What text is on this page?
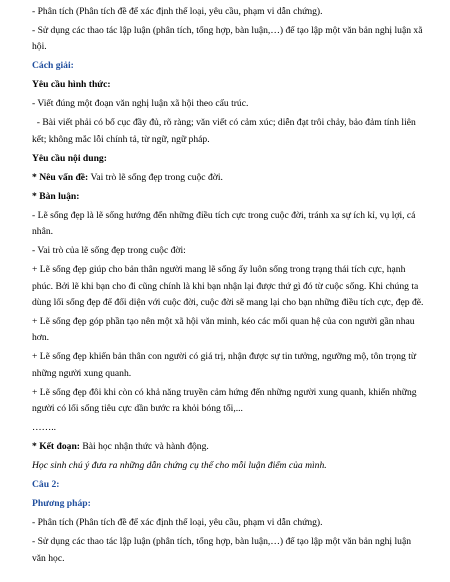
- Phân tích (Phân tích đề để xác định thể loại, yêu cầu, phạm vi dẫn chứng).

- Sử dụng các thao tác lập luận (phân tích, tổng hợp, bàn luận,…) để tạo lập một văn bản nghị luận xã hội.

Cách giải:

Yêu cầu hình thức:

- Viết đúng một đoạn văn nghị luận xã hội theo cấu trúc.

- Bài viết phải có bố cục đầy đủ, rõ ràng; văn viết có cảm xúc; diễn đạt trôi chảy, bảo đảm tính liên kết; không mắc lỗi chính tả, từ ngữ, ngữ pháp.

Yêu cầu nội dung:

* Nêu vấn đề: Vai trò lẽ sống đẹp trong cuộc đời.

* Bàn luận:

- Lẽ sống đẹp là lẽ sống hướng đến những điều tích cực trong cuộc đời, tránh xa sự ích kỉ, vụ lợi, cá nhân.

- Vai trò của lẽ sống đẹp trong cuộc đời:

+ Lẽ sống đẹp giúp cho bản thân người mang lẽ sống ấy luôn sống trong trạng thái tích cực, hạnh phúc. Bởi lẽ khi bạn cho đi cũng chính là khi bạn nhận lại được thứ gì đó từ cuộc sống. Khi chúng ta dùng lối sống đẹp để đối diện với cuộc đời, cuộc đời sẽ mang lại cho bạn những điều tích cực, đẹp đẽ.

+ Lẽ sống đẹp góp phần tạo nên một xã hội văn minh, kéo các mối quan hệ của con người gần nhau hơn.

+ Lẽ sống đẹp khiến bản thân con người có giá trị, nhận được sự tin tưởng, ngưỡng mộ, tôn trọng từ những người xung quanh.

+ Lẽ sống đẹp đôi khi còn có khả năng truyền cảm hứng đến những người xung quanh, khiến những người có lối sống tiêu cực dần bước ra khỏi bóng tối,...

……..

* Kết đoạn: Bài học nhận thức và hành động.

Học sinh chú ý đưa ra những dẫn chứng cụ thể cho mỗi luận điểm của mình.

Câu 2:

Phương pháp:

- Phân tích (Phân tích đề để xác định thể loại, yêu cầu, phạm vi dẫn chứng).

- Sử dụng các thao tác lập luận (phân tích, tổng hợp, bàn luận,…) để tạo lập một văn bản nghị luận văn học.
